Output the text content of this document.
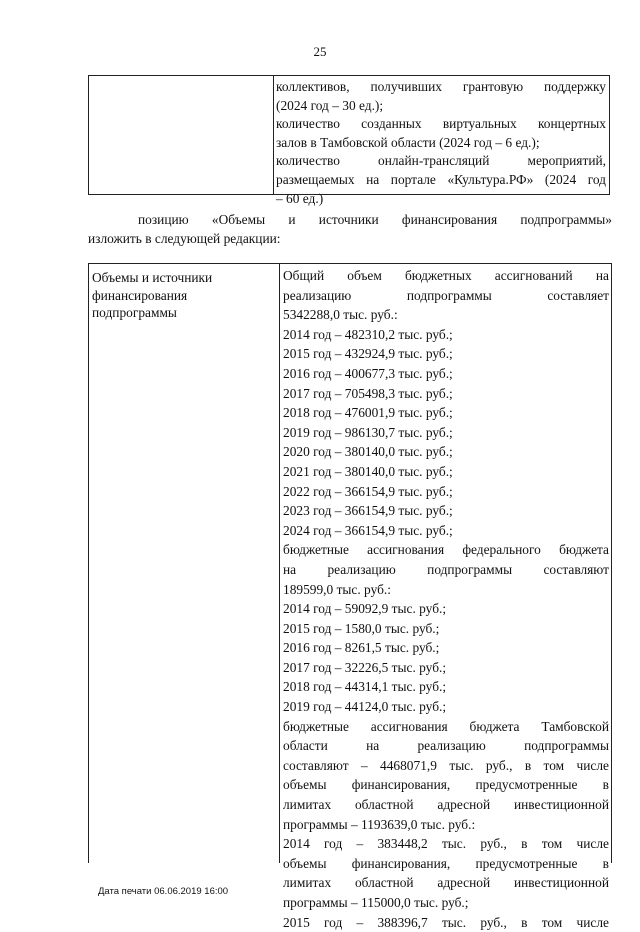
25
коллективов, получивших грантовую поддержку
(2024 год – 30 ед.);
количество созданных виртуальных концертных
залов в Тамбовской области (2024 год – 6 ед.);
количество онлайн-трансляций мероприятий,
размещаемых на портале «Культура.РФ» (2024 год
– 60 ед.)
позицию «Объемы и источники финансирования подпрограммы»
изложить в следующей редакции:
Объемы и источники
финансирования
подпрограммы
Общий объем бюджетных ассигнований на
реализацию подпрограммы составляет
5342288,0 тыс. руб.:
2014 год – 482310,2 тыс. руб.;
2015 год – 432924,9 тыс. руб.;
2016 год – 400677,3 тыс. руб.;
2017 год – 705498,3 тыс. руб.;
2018 год – 476001,9 тыс. руб.;
2019 год – 986130,7 тыс. руб.;
2020 год – 380140,0 тыс. руб.;
2021 год – 380140,0 тыс. руб.;
2022 год – 366154,9 тыс. руб.;
2023 год – 366154,9 тыс. руб.;
2024 год – 366154,9 тыс. руб.;
бюджетные ассигнования федерального бюджета
на реализацию подпрограммы составляют
189599,0 тыс. руб.:
2014 год – 59092,9 тыс. руб.;
2015 год – 1580,0 тыс. руб.;
2016 год – 8261,5 тыс. руб.;
2017 год – 32226,5 тыс. руб.;
2018 год – 44314,1 тыс. руб.;
2019 год – 44124,0 тыс. руб.;
бюджетные ассигнования бюджета Тамбовской
области на реализацию подпрограммы
составляют – 4468071,9 тыс. руб., в том числе
объемы финансирования, предусмотренные в
лимитах областной адресной инвестиционной
программы – 1193639,0 тыс. руб.:
2014 год – 383448,2 тыс. руб., в том числе
объемы финансирования, предусмотренные в
лимитах областной адресной инвестиционной
программы – 115000,0 тыс. руб.;
2015 год – 388396,7 тыс. руб., в том числе
Дата печати 06.06.2019 16:00
